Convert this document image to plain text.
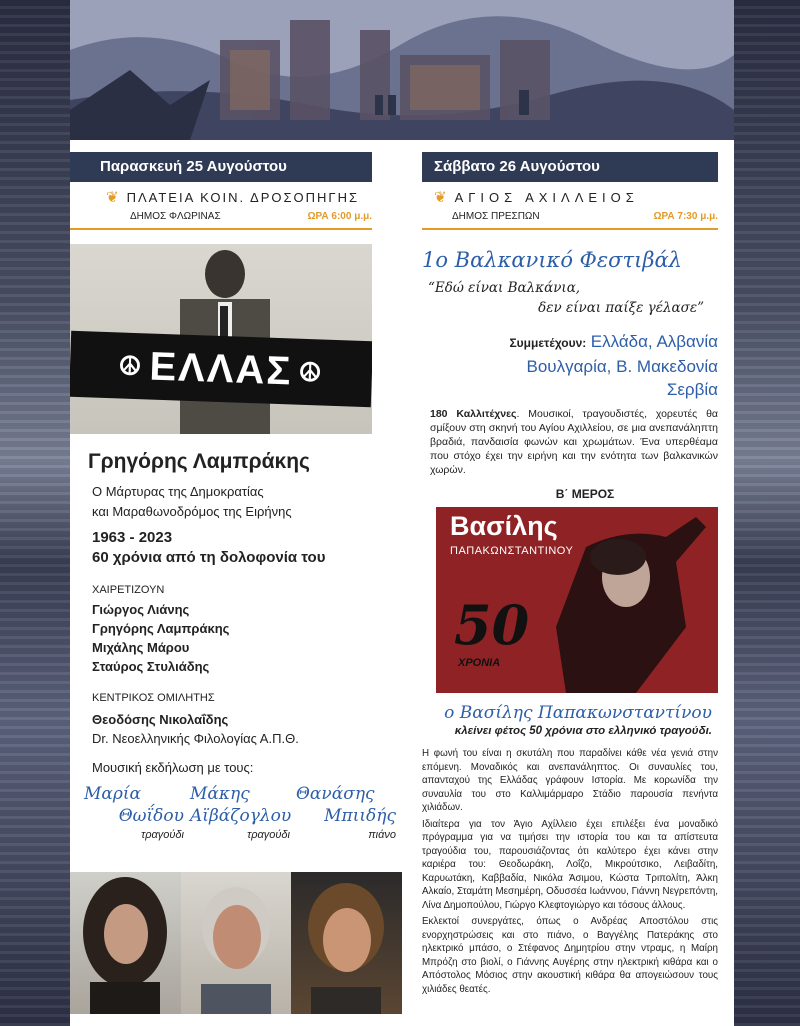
Παρασκευή 25 Αυγούστου
❦ ΠΛΑΤΕΙΑ ΚΟΙΝ. ΔΡΟΣΟΠΗΓΗΣ
ΔΗΜΟΣ ΦΛΩΡΙΝΑΣ	ΩΡΑ 6:00 μ.μ.
☮ ΕΛΛΑΣ ☮
Γρηγόρης Λαμπράκης
Ο Μάρτυρας της Δημοκρατίας
και Μαραθωνοδρόμος της Ειρήνης
1963 - 2023
60 χρόνια από τη δολοφονία του
ΧΑΙΡΕΤΙΖΟΥΝ
Γιώργος Λιάνης
Γρηγόρης Λαμπράκης
Μιχάλης Μάρου
Σταύρος Στυλιάδης
ΚΕΝΤΡΙΚΟΣ ΟΜΙΛΗΤΗΣ
Θεοδόσης Νικολαΐδης
Dr. Νεοελληνικής Φιλολογίας Α.Π.Θ.
Μουσική εκδήλωση με τους:
Μαρία
Θωΐδου
τραγούδι
Μάκης
Αϊβάζογλου
τραγούδι
Θανάσης
Μπιιδής
πιάνο
Σάββατο 26 Αυγούστου
❦ ΑΓΙΟΣ ΑΧΙΛΛΕΙΟΣ
ΔΗΜΟΣ ΠΡΕΣΠΩΝ	ΩΡΑ 7:30 μ.μ.
1ο Βαλκανικό Φεστιβάλ
“Εδώ είναι Βαλκάνια,
δεν είναι παίξε γέλασε”
Συμμετέχουν: Ελλάδα, Αλβανία
Βουλγαρία, Β. Μακεδονία
Σερβία
180 Καλλιτέχνες. Μουσικοί, τραγουδιστές, χορευτές θα σμίξουν στη σκηνή του Αγίου Αχιλλείου, σε μια ανεπανάληπτη βραδιά, πανδαισία φωνών και χρωμάτων. Ένα υπερθέαμα που στόχο έχει την ειρήνη και την ενότητα των βαλκανικών χωρών.
Β΄ ΜΕΡΟΣ
Βασίλης
ΠΑΠΑΚΩΝΣΤΑΝΤΙΝΟΥ
50
ΧΡΟΝΙΑ
ο Βασίλης Παπακωνσταντίνου
κλείνει φέτος 50 χρόνια στο ελληνικό τραγούδι.
Η φωνή του είναι η σκυτάλη που παραδίνει κάθε νέα γενιά στην επόμενη. Μοναδικός και ανεπανάληπτος. Οι συναυλίες του, απανταχού της Ελλάδας γράφουν Ιστορία. Με κορωνίδα την συναυλία του στο Καλλιμάρμαρο Στάδιο παρουσία πενήντα χιλιάδων.
Ιδιαίτερα για τον Άγιο Αχίλλειο έχει επιλέξει ένα μοναδικό πρόγραμμα για να τιμήσει την ιστορία του και τα απίστευτα τραγούδια του, παρουσιάζοντας ότι καλύτερο έχει κάνει στην καριέρα του: Θεοδωράκη, Λοΐζο, Μικρούτσικο, Λειβαδίτη, Καρυωτάκη, Καββαδία, Νικόλα Άσιμου, Κώστα Τριπολίτη, Άλκη Αλκαίο, Σταμάτη Μεσημέρη, Οδυσσέα Ιωάννου, Γιάννη Νεγρεπόντη, Λίνα Δημοπούλου, Γιώργο Κλεφτογιώργο και τόσους άλλους.
Εκλεκτοί συνεργάτες, όπως ο Ανδρέας Αποστόλου στις ενορχηστρώσεις και στο πιάνο, ο Βαγγέλης Πατεράκης στο ηλεκτρικό μπάσο, ο Στέφανος Δημητρίου στην ντραμς, η Μαίρη Μπρόζη στο βιολί, ο Γιάννης Αυγέρης στην ηλεκτρική κιθάρα και ο Απόστολος Μόσιος στην ακουστική κιθάρα θα απογειώσουν τους χιλιάδες θεατές.
